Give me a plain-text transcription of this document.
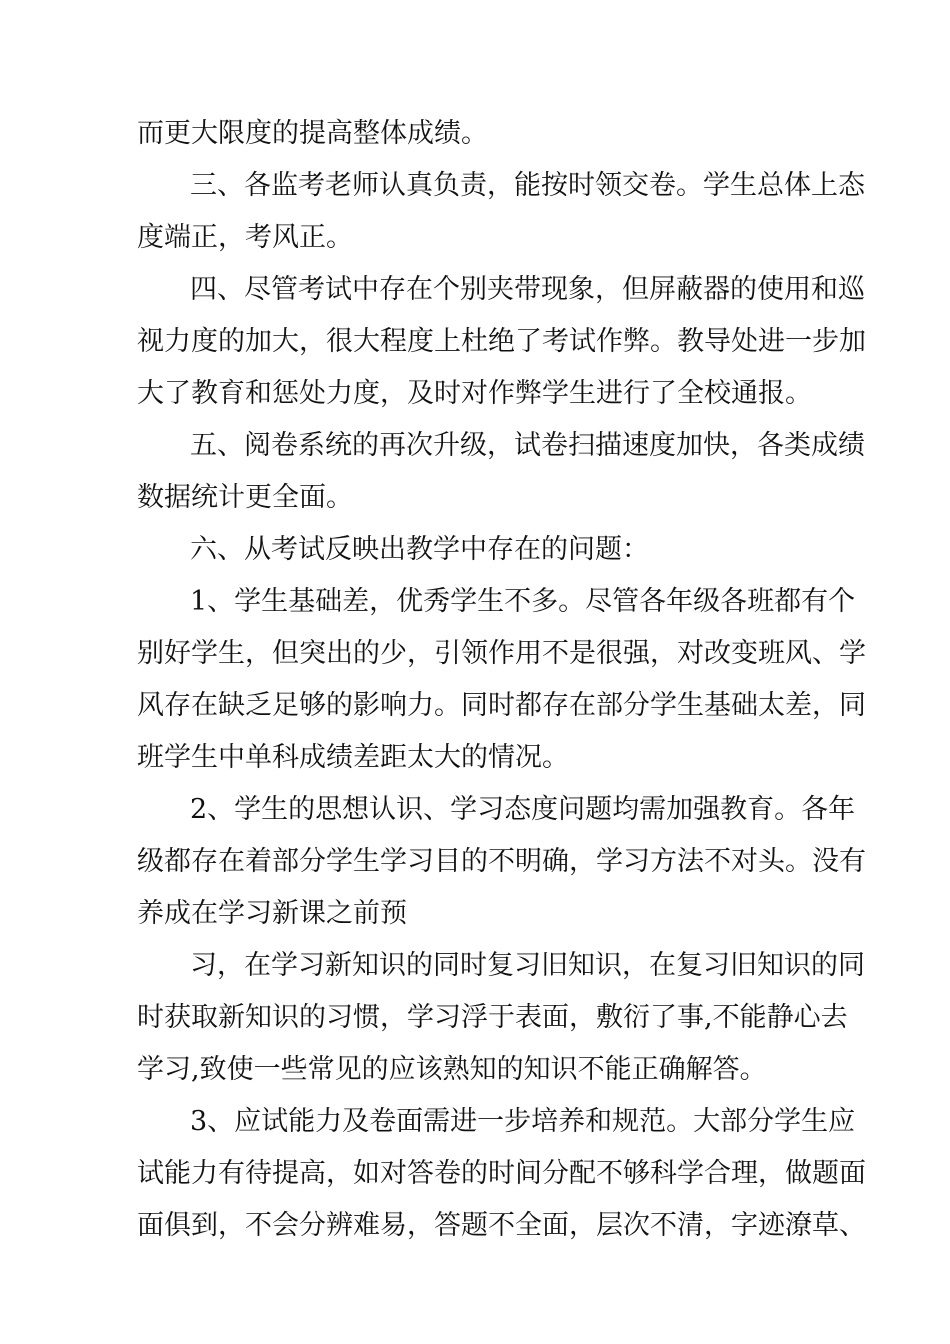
而更大限度的提高整体成绩。
三、各监考老师认真负责，能按时领交卷。学生总体上态
度端正，考风正。
四、尽管考试中存在个别夹带现象，但屏蔽器的使用和巡
视力度的加大，很大程度上杜绝了考试作弊。教导处进一步加
大了教育和惩处力度，及时对作弊学生进行了全校通报。
五、阅卷系统的再次升级，试卷扫描速度加快，各类成绩
数据统计更全面。
六、从考试反映出教学中存在的问题：
1、学生基础差，优秀学生不多。尽管各年级各班都有个
别好学生，但突出的少，引领作用不是很强，对改变班风、学
风存在缺乏足够的影响力。同时都存在部分学生基础太差，同
班学生中单科成绩差距太大的情况。
2、学生的思想认识、学习态度问题均需加强教育。各年
级都存在着部分学生学习目的不明确，学习方法不对头。没有
养成在学习新课之前预
习，在学习新知识的同时复习旧知识，在复习旧知识的同
时获取新知识的习惯，学习浮于表面，敷衍了事,不能静心去
学习,致使一些常见的应该熟知的知识不能正确解答。
3、应试能力及卷面需进一步培养和规范。大部分学生应
试能力有待提高，如对答卷的时间分配不够科学合理，做题面
面俱到，不会分辨难易，答题不全面，层次不清，字迹潦草、
